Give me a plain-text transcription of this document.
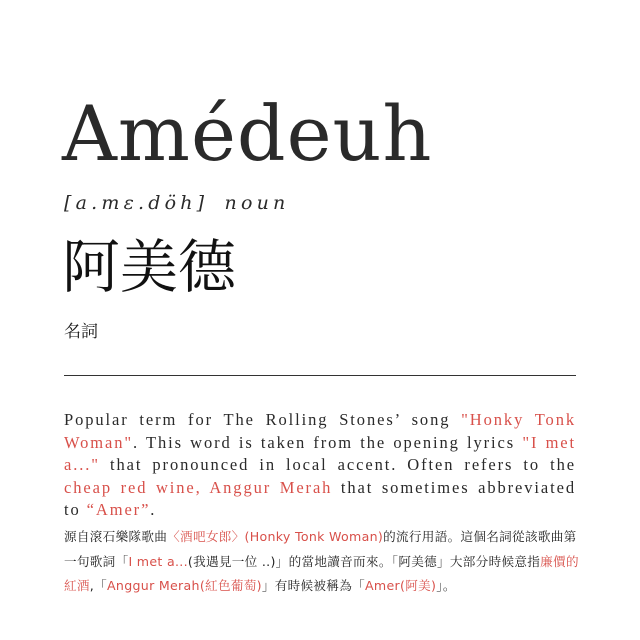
Amédeuh
[a.mɛ.döh] noun
阿美德
名詞

Popular term for The Rolling Stones’ song "Honky Tonk Woman". This word is taken from the opening lyrics "I met a..." that pronounced in local accent. Often refers to the cheap red wine, Anggur Merah that sometimes abbreviated to “Amer”.

源自滾石樂隊歌曲〈酒吧女郎〉(Honky Tonk Woman)的流行用語。這個名詞從該歌曲第一句歌詞「I met a...(我遇見一位 ..)」的當地讀音而來。「阿美德」大部分時候意指廉價的紅酒,「Anggur Merah(紅色葡萄)」有時候被稱為「Amer(阿美)」。
